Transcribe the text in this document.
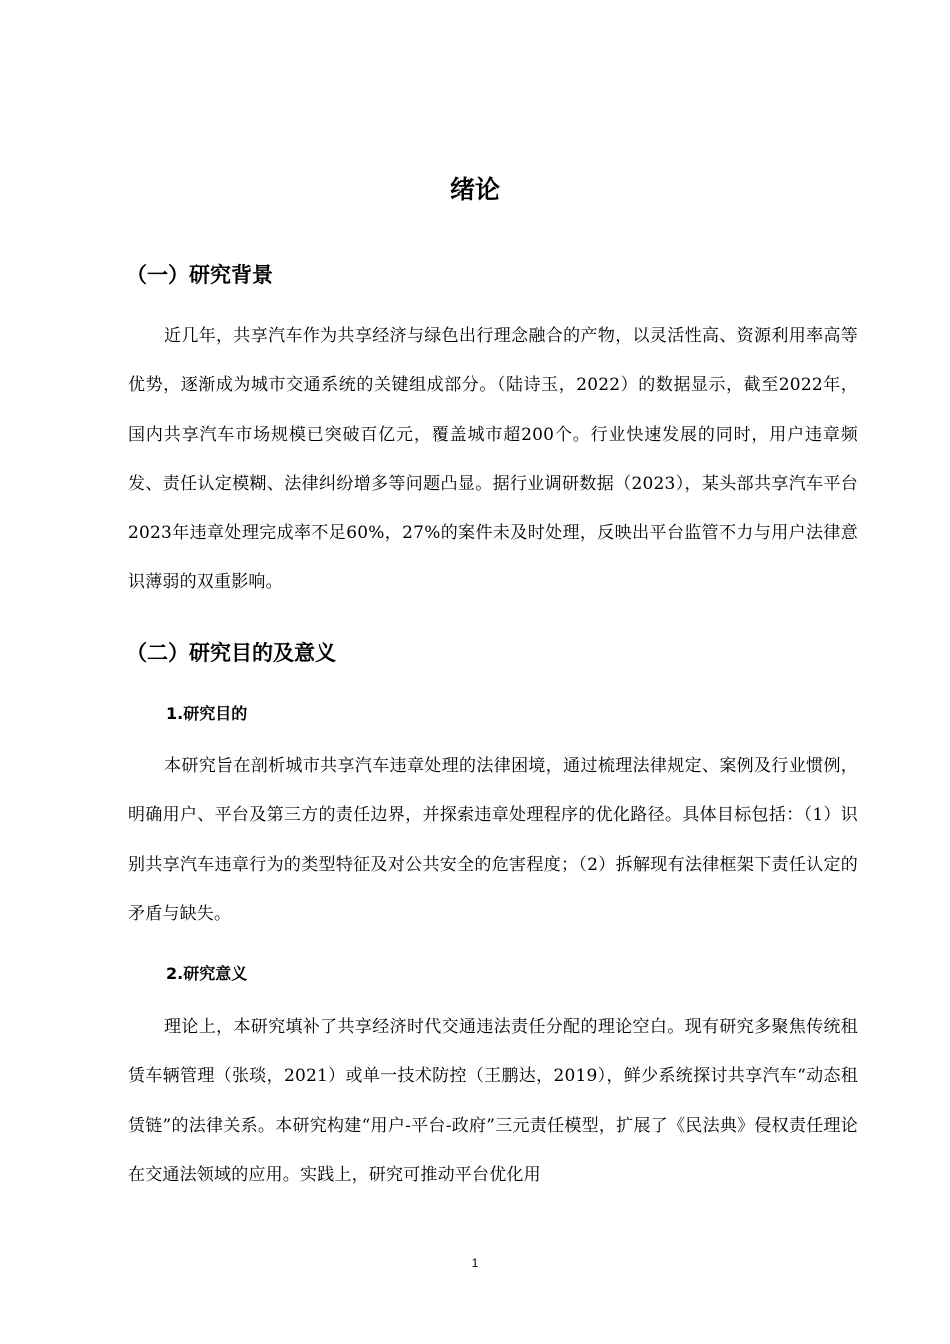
绪论
（一）研究背景

近几年，共享汽车作为共享经济与绿色出行理念融合的产物，以灵活性高、资源利用率高等优势，逐渐成为城市交通系统的关键组成部分。（陆诗玉，2022）的数据显示，截至2022年，国内共享汽车市场规模已突破百亿元，覆盖城市超200个。行业快速发展的同时，用户违章频发、责任认定模糊、法律纠纷增多等问题凸显。据行业调研数据（2023），某头部共享汽车平台2023年违章处理完成率不足60%，27%的案件未及时处理，反映出平台监管不力与用户法律意识薄弱的双重影响。

（二）研究目的及意义
1.研究目的

本研究旨在剖析城市共享汽车违章处理的法律困境，通过梳理法律规定、案例及行业惯例，明确用户、平台及第三方的责任边界，并探索违章处理程序的优化路径。具体目标包括：（1）识别共享汽车违章行为的类型特征及对公共安全的危害程度；（2）拆解现有法律框架下责任认定的矛盾与缺失。

2.研究意义

理论上，本研究填补了共享经济时代交通违法责任分配的理论空白。现有研究多聚焦传统租赁车辆管理（张琰，2021）或单一技术防控（王鹏达，2019），鲜少系统探讨共享汽车“动态租赁链”的法律关系。本研究构建“用户-平台-政府”三元责任模型，扩展了《民法典》侵权责任理论在交通法领域的应用。实践上，研究可推动平台优化用

1
